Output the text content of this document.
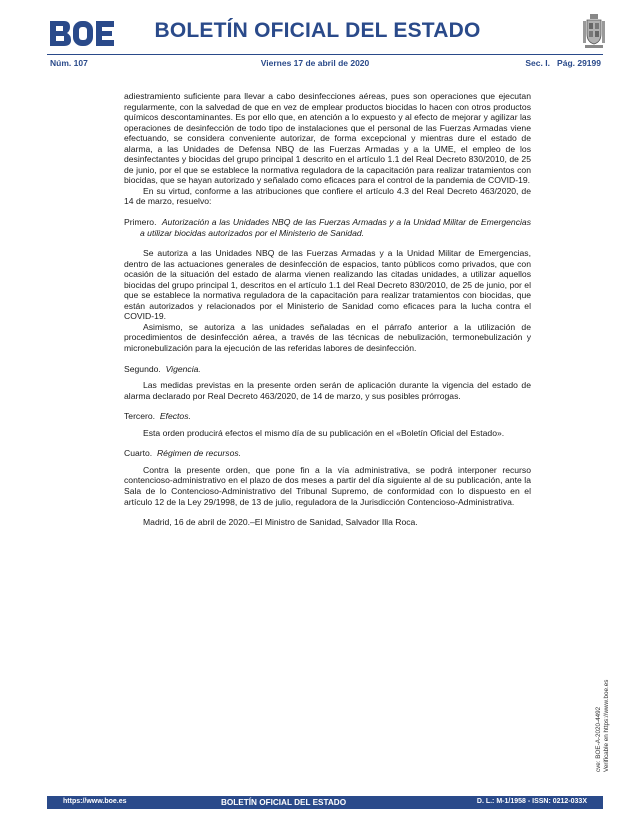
BOLETÍN OFICIAL DEL ESTADO
Núm. 107	Viernes 17 de abril de 2020	Sec. I.   Pág. 29199

adiestramiento suficiente para llevar a cabo desinfecciones aéreas, pues son operaciones que ejecutan regularmente, con la salvedad de que en vez de emplear productos biocidas lo hacen con otros productos químicos descontaminantes. Es por ello que, en atención a lo expuesto y al efecto de mejorar y agilizar las operaciones de desinfección de todo tipo de instalaciones que el personal de las Fuerzas Armadas viene efectuando, se considera conveniente autorizar, de forma excepcional y mientras dure el estado de alarma, a las Unidades de Defensa NBQ de las Fuerzas Armadas y a la UME, el empleo de los desinfectantes y biocidas del grupo principal 1 descrito en el artículo 1.1 del Real Decreto 830/2010, de 25 de junio, por el que se establece la normativa reguladora de la capacitación para realizar tratamientos con biocidas, que se hayan autorizado y señalado como eficaces para el control de la pandemia de COVID-19.

En su virtud, conforme a las atribuciones que confiere el artículo 4.3 del Real Decreto 463/2020, de 14 de marzo, resuelvo:

Primero. Autorización a las Unidades NBQ de las Fuerzas Armadas y a la Unidad Militar de Emergencias a utilizar biocidas autorizados por el Ministerio de Sanidad.

Se autoriza a las Unidades NBQ de las Fuerzas Armadas y a la Unidad Militar de Emergencias, dentro de las actuaciones generales de desinfección de espacios, tanto públicos como privados, que con ocasión de la situación del estado de alarma vienen realizando las citadas unidades, a utilizar aquellos biocidas del grupo principal 1, descritos en el artículo 1.1 del Real Decreto 830/2010, de 25 de junio, por el que se establece la normativa reguladora de la capacitación para realizar tratamientos con biocidas, que están autorizados y relacionados por el Ministerio de Sanidad como eficaces para la lucha contra el COVID-19.

Asimismo, se autoriza a las unidades señaladas en el párrafo anterior a la utilización de procedimientos de desinfección aérea, a través de las técnicas de nebulización, termonebulización y micronebulización para la ejecución de las referidas labores de desinfección.

Segundo. Vigencia.

Las medidas previstas en la presente orden serán de aplicación durante la vigencia del estado de alarma declarado por Real Decreto 463/2020, de 14 de marzo, y sus posibles prórrogas.

Tercero. Efectos.

Esta orden producirá efectos el mismo día de su publicación en el «Boletín Oficial del Estado».

Cuarto. Régimen de recursos.

Contra la presente orden, que pone fin a la vía administrativa, se podrá interponer recurso contencioso-administrativo en el plazo de dos meses a partir del día siguiente al de su publicación, ante la Sala de lo Contencioso-Administrativo del Tribunal Supremo, de conformidad con lo dispuesto en el artículo 12 de la Ley 29/1998, de 13 de julio, reguladora de la Jurisdicción Contencioso-Administrativa.

Madrid, 16 de abril de 2020.–El Ministro de Sanidad, Salvador Illa Roca.

cve: BOE-A-2020-4492 Verificable en https://www.boe.es
https://www.boe.es	BOLETÍN OFICIAL DEL ESTADO	D. L.: M-1/1958 - ISSN: 0212-033X
